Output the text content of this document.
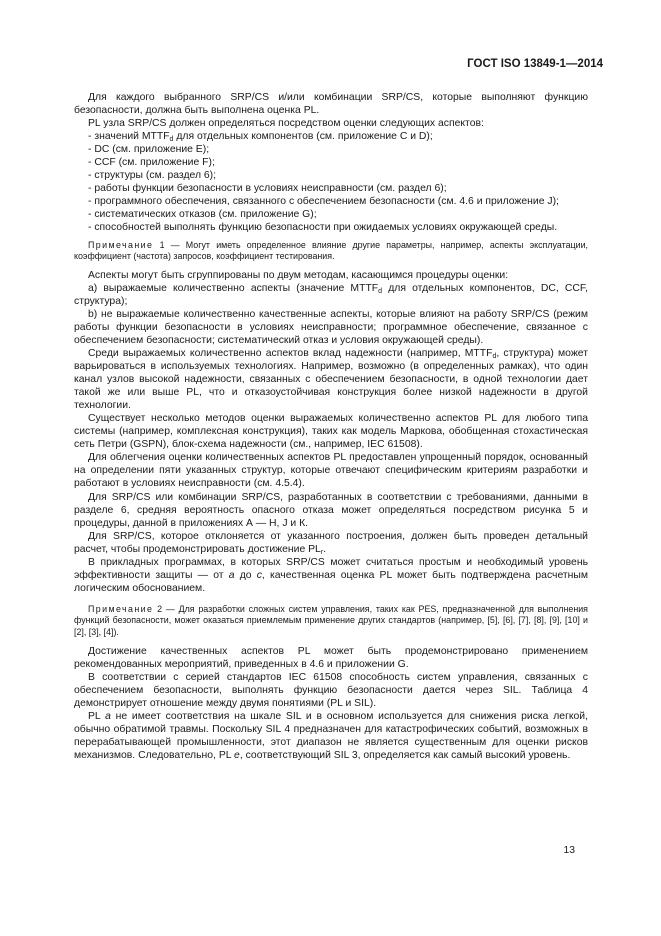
ГОСТ ISO 13849-1—2014

Для каждого выбранного SRP/CS и/или комбинации SRP/CS, которые выполняют функцию безопасности, должна быть выполнена оценка PL.

PL узла SRP/CS должен определяться посредством оценки следующих аспектов:

- значений $MTTF_d$ для отдельных компонентов (см. приложение С и D);

- DC (см. приложение Е);

- CCF (см. приложение F);

- структуры (см. раздел 6);

- работы функции безопасности в условиях неисправности (см. раздел 6);

- программного обеспечения, связанного с обеспечением безопасности (см. 4.6 и приложение J);

- систематических отказов (см. приложение G);

- способностей выполнять функцию безопасности при ожидаемых условиях окружающей среды.

Примечание 1 — Могут иметь определенное влияние другие параметры, например, аспекты эксплуатации, коэффициент (частота) запросов, коэффициент тестирования.

Аспекты могут быть сгруппированы по двум методам, касающимся процедуры оценки:

а) выражаемые количественно аспекты (значение $MTTF_d$ для отдельных компонентов, DC, CCF, структура);

b) не выражаемые количественно качественные аспекты, которые влияют на работу SRP/CS (режим работы функции безопасности в условиях неисправности; программное обеспечение, связанное с обеспечением безопасности; систематический отказ и условия окружающей среды).

Среди выражаемых количественно аспектов вклад надежности (например, $MTTF_d$, структура) может варьироваться в используемых технологиях. Например, возможно (в определенных рамках), что один канал узлов высокой надежности, связанных с обеспечением безопасности, в одной технологии дает такой же или выше PL, что и отказоустойчивая конструкция более низкой надежности в другой технологии.

Существует несколько методов оценки выражаемых количественно аспектов PL для любого типа системы (например, комплексная конструкция), таких как модель Маркова, обобщенная стохастическая сеть Петри (GSPN), блок-схема надежности (см., например, IEC 61508).

Для облегчения оценки количественных аспектов PL предоставлен упрощенный порядок, основанный на определении пяти указанных структур, которые отвечают специфическим критериям разработки и работают в условиях неисправности (см. 4.5.4).

Для SRP/CS или комбинации SRP/CS, разработанных в соответствии с требованиями, данными в разделе 6, средняя вероятность опасного отказа может определяться посредством рисунка 5 и процедуры, данной в приложениях А — Н, J и К.

Для SRP/CS, которое отклоняется от указанного построения, должен быть проведен детальный расчет, чтобы продемонстрировать достижение $PL_r$.

В прикладных программах, в которых SRP/CS может считаться простым и необходимый уровень эффективности защиты — от a до c, качественная оценка PL может быть подтверждена расчетным логическим обоснованием.

Примечание 2 — Для разработки сложных систем управления, таких как PES, предназначенной для выполнения функций безопасности, может оказаться приемлемым применение других стандартов (например, [5], [6], [7], [8], [9], [10] и [2], [3], [4]).

Достижение качественных аспектов PL может быть продемонстрировано применением рекомендованных мероприятий, приведенных в 4.6 и приложении G.

В соответствии с серией стандартов IEC 61508 способность систем управления, связанных с обеспечением безопасности, выполнять функцию безопасности дается через SIL. Таблица 4 демонстрирует отношение между двумя понятиями (PL и SIL).

PL a не имеет соответствия на шкале SIL и в основном используется для снижения риска легкой, обычно обратимой травмы. Поскольку SIL 4 предназначен для катастрофических событий, возможных в перерабатывающей промышленности, этот диапазон не является существенным для оценки рисков механизмов. Следовательно, PL e, соответствующий SIL 3, определяется как самый высокий уровень.

13
